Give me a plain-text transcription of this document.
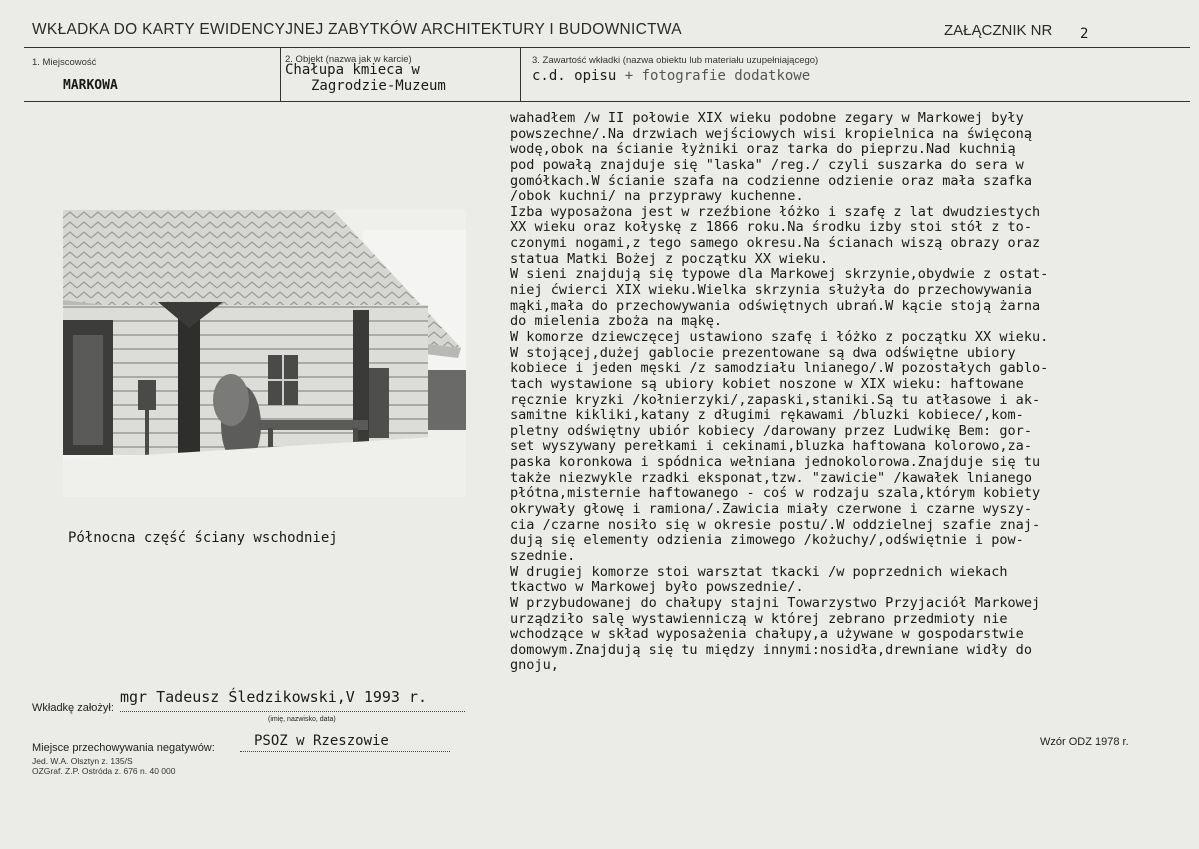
WKŁADKA DO KARTY EWIDENCYJNEJ ZABYTKÓW ARCHITEKTURY I BUDOWNICTWA	ZAŁĄCZNIK NR 2
1. Miejscowość
MARKOWA
2. Objekt (nazwa jak w karcie)
Chałupa kmieca w
Zagrodzie-Muzeum
3. Zawartość wkładki (nazwa obiektu lub materiału uzupełniającego)
c.d. opisu + fotografie dodatkowe
Północna część ściany wschodniej
wahadłem /w II połowie XIX wieku podobne zegary w Markowej były
powszechne/.Na drzwiach wejściowych wisi kropielnica na święconą
wodę,obok na ścianie łyżniki oraz tarka do pieprzu.Nad kuchnią
pod powałą znajduje się "laska" /reg./ czyli suszarka do sera w
gomółkach.W ścianie szafa na codzienne odzienie oraz mała szafka
/obok kuchni/ na przyprawy kuchenne.
Izba wyposażona jest w rzeźbione łóżko i szafę z lat dwudziestych
XX wieku oraz kołyskę z 1866 roku.Na środku izby stoi stół z to-
czonymi nogami,z tego samego okresu.Na ścianach wiszą obrazy oraz
statua Matki Bożej z początku XX wieku.
W sieni znajdują się typowe dla Markowej skrzynie,obydwie z ostat-
niej ćwierci XIX wieku.Wielka skrzynia służyła do przechowywania
mąki,mała do przechowywania odświętnych ubrań.W kącie stoją żarna
do mielenia zboża na mąkę.
W komorze dziewczęcej ustawiono szafę i łóżko z początku XX wieku.
W stojącej,dużej gablocie prezentowane są dwa odświętne ubiory
kobiece i jeden męski /z samodziału lnianego/.W pozostałych gablo-
tach wystawione są ubiory kobiet noszone w XIX wieku: haftowane
ręcznie kryzki /kołnierzyki/,zapaski,staniki.Są tu atłasowe i ak-
samitne kikliki,katany z długimi rękawami /bluzki kobiece/,kom-
pletny odświętny ubiór kobiecy /darowany przez Ludwikę Bem: gor-
set wyszywany perełkami i cekinami,bluzka haftowana kolorowo,za-
paska koronkowa i spódnica wełniana jednokolorowa.Znajduje się tu
także niezwykle rzadki eksponat,tzw. "zawicie" /kawałek lnianego
płótna,misternie haftowanego - coś w rodzaju szala,którym kobiety
okrywały głowę i ramiona/.Zawicia miały czerwone i czarne wyszy-
cia /czarne nosiło się w okresie postu/.W oddzielnej szafie znaj-
dują się elementy odzienia zimowego /kożuchy/,odświętnie i pow-
szednie.
W drugiej komorze stoi warsztat tkacki /w poprzednich wiekach
tkactwo w Markowej było powszednie/.
W przybudowanej do chałupy stajni Towarzystwo Przyjaciół Markowej
urządziło salę wystawienniczą w której zebrano przedmioty nie
wchodzące w skład wyposażenia chałupy,a używane w gospodarstwie
domowym.Znajdują się tu między innymi:nosidła,drewniane widły do
gnoju,
Wkładkę założył:
mgr Tadeusz Śledzikowski,V 1993 r.
(imię, nazwisko, data)
Miejsce przechowywania negatywów:	PSOZ w Rzeszowie
Jed. W.A. Olsztyn z. 135/S
OZGraf. Z.P. Ostróda z. 676 n. 40 000
Wzór ODZ 1978 r.
